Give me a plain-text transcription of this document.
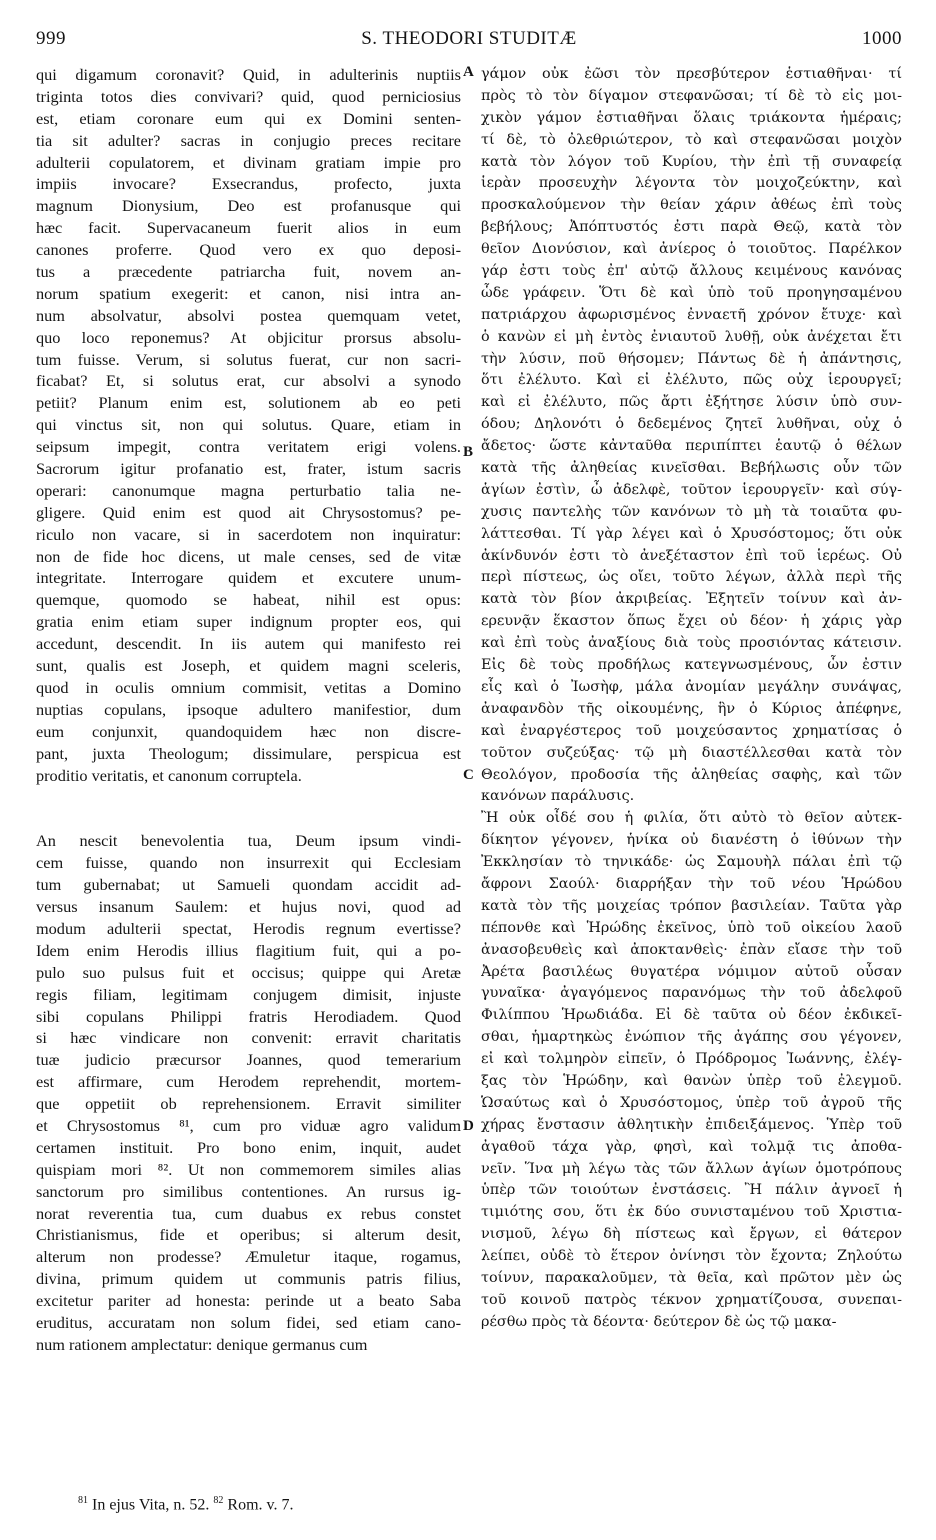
999	S. THEODORI STUDITÆ	1000
qui digamum coronavit? Quid, in adulterinis nuptiis
triginta totos dies convivari? quid, quod perniciosius
est, etiam coronare eum qui ex Domini senten-
tia sit adulter? sacras in conjugio preces recitare
adulterii copulatorem, et divinam gratiam impie pro
impiis invocare? Exsecrandus, profecto, juxta
magnum Dionysium, Deo est profanusque qui
hæc facit. Supervacaneum fuerit alios in eum
canones proferre. Quod vero ex quo deposi-
tus a præcedente patriarcha fuit, novem an-
norum spatium exegerit: et canon, nisi intra an-
num absolvatur, absolvi postea quemquam vetet,
quo loco reponemus? At objicitur prorsus absolu-
tum fuisse. Verum, si solutus fuerat, cur non sacri-
ficabat? Et, si solutus erat, cur absolvi a synodo
petiit? Planum enim est, solutionem ab eo peti
qui vinctus sit, non qui solutus. Quare, etiam in
seipsum impegit, contra veritatem erigi volens.
Sacrorum igitur profanatio est, frater, istum sacris
operari: canonumque magna perturbatio talia ne-
gligere. Quid enim est quod ait Chrysostomus? pe-
riculo non vacare, si in sacerdotem non inquiratur:
non de fide hoc dicens, ut male censes, sed de vitæ
integritate. Interrogare quidem et excutere unum-
quemque, quomodo se habeat, nihil est opus:
gratia enim etiam super indignum propter eos, qui
accedunt, descendit. In iis autem qui manifesto rei
sunt, qualis est Joseph, et quidem magni sceleris,
quod in oculis omnium commisit, vetitas a Domino
nuptias copulans, ipsoque adultero manifestior, dum
eum conjunxit, quandoquidem hæc non discre-
pant, juxta Theologum; dissimulare, perspicua est
proditio veritatis, et canonum corruptela.
An nescit benevolentia tua, Deum ipsum vindi-
cem fuisse, quando non insurrexit qui Ecclesiam
tum gubernabat; ut Samueli quondam accidit ad-
versus insanum Saulem: et hujus novi, quod ad
modum adulterii spectat, Herodis regnum evertisse?
Idem enim Herodis illius flagitium fuit, qui a po-
pulo suo pulsus fuit et occisus; quippe qui Aretæ
regis filiam, legitimam conjugem dimisit, injuste
sibi copulans Philippi fratris Herodiadem. Quod
si hæc vindicare non convenit: erravit charitatis
tuæ judicio præcursor Joannes, quod temerarium
est affirmare, cum Herodem reprehendit, mortem-
que oppetiit ob reprehensionem. Erravit similiter
et Chrysostomus ⁸¹, cum pro viduæ agro validum
certamen instituit. Pro bono enim, inquit, audet
quispiam mori ⁸². Ut non commemorem similes alias
sanctorum pro similibus contentiones. An rursus ig-
norat reverentia tua, cum duabus ex rebus constet
Christianismus, fide et operibus; si alterum desit,
alterum non prodesse? Æmuletur itaque, rogamus,
divina, primum quidem ut communis patris filius,
excitetur pariter ad honesta: perinde ut a beato Saba
eruditus, accuratam non solum fidei, sed etiam cano-
num rationem amplectatur: denique germanus cum
γάμον οὐκ ἐῶσι τὸν πρεσβύτερον ἑστιαθῆναι· τί
πρὸς τὸ τὸν δίγαμον στεφανῶσαι; τί δὲ τὸ εἰς μοι-
χικὸν γάμον ἑστιαθῆναι ὅλαις τριάκοντα ἡμέραις;
τί δὲ, τὸ ὀλεθριώτερον, τὸ καὶ στεφανῶσαι μοιχὸν
κατὰ τὸν λόγον τοῦ Κυρίου, τὴν ἐπὶ τῇ συναφείᾳ
ἱερὰν προσευχὴν λέγοντα τὸν μοιχοζεύκτην, καὶ
προσκαλούμενον τὴν θείαν χάριν ἀθέως ἐπὶ τοὺς
βεβήλους; Ἀπόπτυστός ἐστι παρὰ Θεῷ, κατὰ τὸν
θεῖον Διονύσιον, καὶ ἀνίερος ὁ τοιοῦτος. Παρέλκον
γάρ ἐστι τοὺς ἐπ' αὐτῷ ἄλλους κειμένους κανόνας
ὧδε γράφειν. Ὅτι δὲ καὶ ὑπὸ τοῦ προηγησαμένου
πατριάρχου ἀφωρισμένος ἐνναετῆ χρόνον ἔτυχε· καὶ
ὁ κανὼν εἰ μὴ ἐντὸς ἐνιαυτοῦ λυθῇ, οὐκ ἀνέχεται ἔτι
τὴν λύσιν, ποῦ θήσομεν; Πάντως δὲ ἡ ἀπάντησις,
ὅτι ἐλέλυτο. Καὶ εἰ ἐλέλυτο, πῶς οὐχ ἱερουργεῖ;
καὶ εἰ ἐλέλυτο, πῶς ἄρτι ἐξήτησε λύσιν ὑπὸ συν-
όδου; Δηλονότι ὁ δεδεμένος ζητεῖ λυθῆναι, οὐχ ὁ
ἄδετος· ὥστε κἀνταῦθα περιπίπτει ἑαυτῷ ὁ θέλων
κατὰ τῆς ἀληθείας κινεῖσθαι. Βεβήλωσις οὖν τῶν
ἁγίων ἐστὶν, ὦ ἀδελφὲ, τοῦτον ἱερουργεῖν· καὶ σύγ-
χυσις παντελὴς τῶν κανόνων τὸ μὴ τὰ τοιαῦτα φυ-
λάττεσθαι. Τί γὰρ λέγει καὶ ὁ Χρυσόστομος; ὅτι οὐκ
ἀκίνδυνόν ἐστι τὸ ἀνεξέταστον ἐπὶ τοῦ ἱερέως. Οὐ
περὶ πίστεως, ὡς οἴει, τοῦτο λέγων, ἀλλὰ περὶ τῆς
κατὰ τὸν βίον ἀκριβείας. Ἐξητεῖν τοίνυν καὶ ἀν-
ερευνᾷν ἕκαστον ὅπως ἔχει οὐ δέον· ἡ χάρις γὰρ
καὶ ἐπὶ τοὺς ἀναξίους διὰ τοὺς προσιόντας κάτεισιν.
Εἰς δὲ τοὺς προδήλως κατεγνωσμένους, ὧν ἐστιν
εἷς καὶ ὁ Ἰωσὴφ, μάλα ἀνομίαν μεγάλην συνάψας,
ἀναφανδὸν τῆς οἰκουμένης, ἣν ὁ Κύριος ἀπέφηνε,
καὶ ἐναργέστερος τοῦ μοιχεύσαντος χρηματίσας ὁ
τοῦτον συζεύξας· τῷ μὴ διαστέλλεσθαι κατὰ τὸν
Θεολόγον, προδοσία τῆς ἀληθείας σαφὴς, καὶ τῶν
κανόνων παράλυσις.
Ἢ οὐκ οἶδέ σου ἡ φιλία, ὅτι αὐτὸ τὸ θεῖον αὐτεκ-
δίκητον γέγονεν, ἡνίκα οὐ διανέστη ὁ ἰθύνων τὴν
Ἐκκλησίαν τὸ τηνικάδε· ὡς Σαμουὴλ πάλαι ἐπὶ τῷ
ἄφρονι Σαούλ· διαρρήξαν τὴν τοῦ νέου Ἡρώδου
κατὰ τὸν τῆς μοιχείας τρόπον βασιλείαν. Ταῦτα γὰρ
πέπονθε καὶ Ἡρώδης ἐκεῖνος, ὑπὸ τοῦ οἰκείου λαοῦ
ἀνασοβευθεὶς καὶ ἀποκτανθεὶς· ἐπὰν εἴασε τὴν τοῦ
Ἀρέτα βασιλέως θυγατέρα νόμιμον αὐτοῦ οὖσαν
γυναῖκα· ἀγαγόμενος παρανόμως τὴν τοῦ ἀδελφοῦ
Φιλίππου Ἡρωδιάδα. Εἰ δὲ ταῦτα οὐ δέον ἐκδικεῖ-
σθαι, ἡμαρτηκὼς ἐνώπιον τῆς ἀγάπης σου γέγονεν,
εἰ καὶ τολμηρὸν εἰπεῖν, ὁ Πρόδρομος Ἰωάννης, ἐλέγ-
ξας τὸν Ἡρώδην, καὶ θανὼν ὑπὲρ τοῦ ἐλεγμοῦ.
Ὡσαύτως καὶ ὁ Χρυσόστομος, ὑπὲρ τοῦ ἀγροῦ τῆς
χήρας ἔνστασιν ἀθλητικὴν ἐπιδειξάμενος. Ὑπὲρ τοῦ
ἀγαθοῦ τάχα γὰρ, φησὶ, καὶ τολμᾷ τις ἀποθα-
νεῖν. Ἵνα μὴ λέγω τὰς τῶν ἄλλων ἁγίων ὁμοτρόπους
ὑπὲρ τῶν τοιούτων ἐνστάσεις. Ἢ πάλιν ἀγνοεῖ ἡ
τιμιότης σου, ὅτι ἐκ δύο συνισταμένου τοῦ Χριστια-
νισμοῦ, λέγω δὴ πίστεως καὶ ἔργων, εἰ θάτερον
λείπει, οὐδὲ τὸ ἕτερον ὀνίνησι τὸν ἔχοντα; Ζηλούτω
τοίνυν, παρακαλοῦμεν, τὰ θεῖα, καὶ πρῶτον μὲν ὡς
τοῦ κοινοῦ πατρὸς τέκνον χρηματίζουσα, συνεπαι-
ρέσθω πρὸς τὰ δέοντα· δεύτερον δὲ ὡς τῷ μακα-
A
B
C
D
$^{81}$ In ejus Vita, n. 52. $^{82}$ Rom. v. 7.
